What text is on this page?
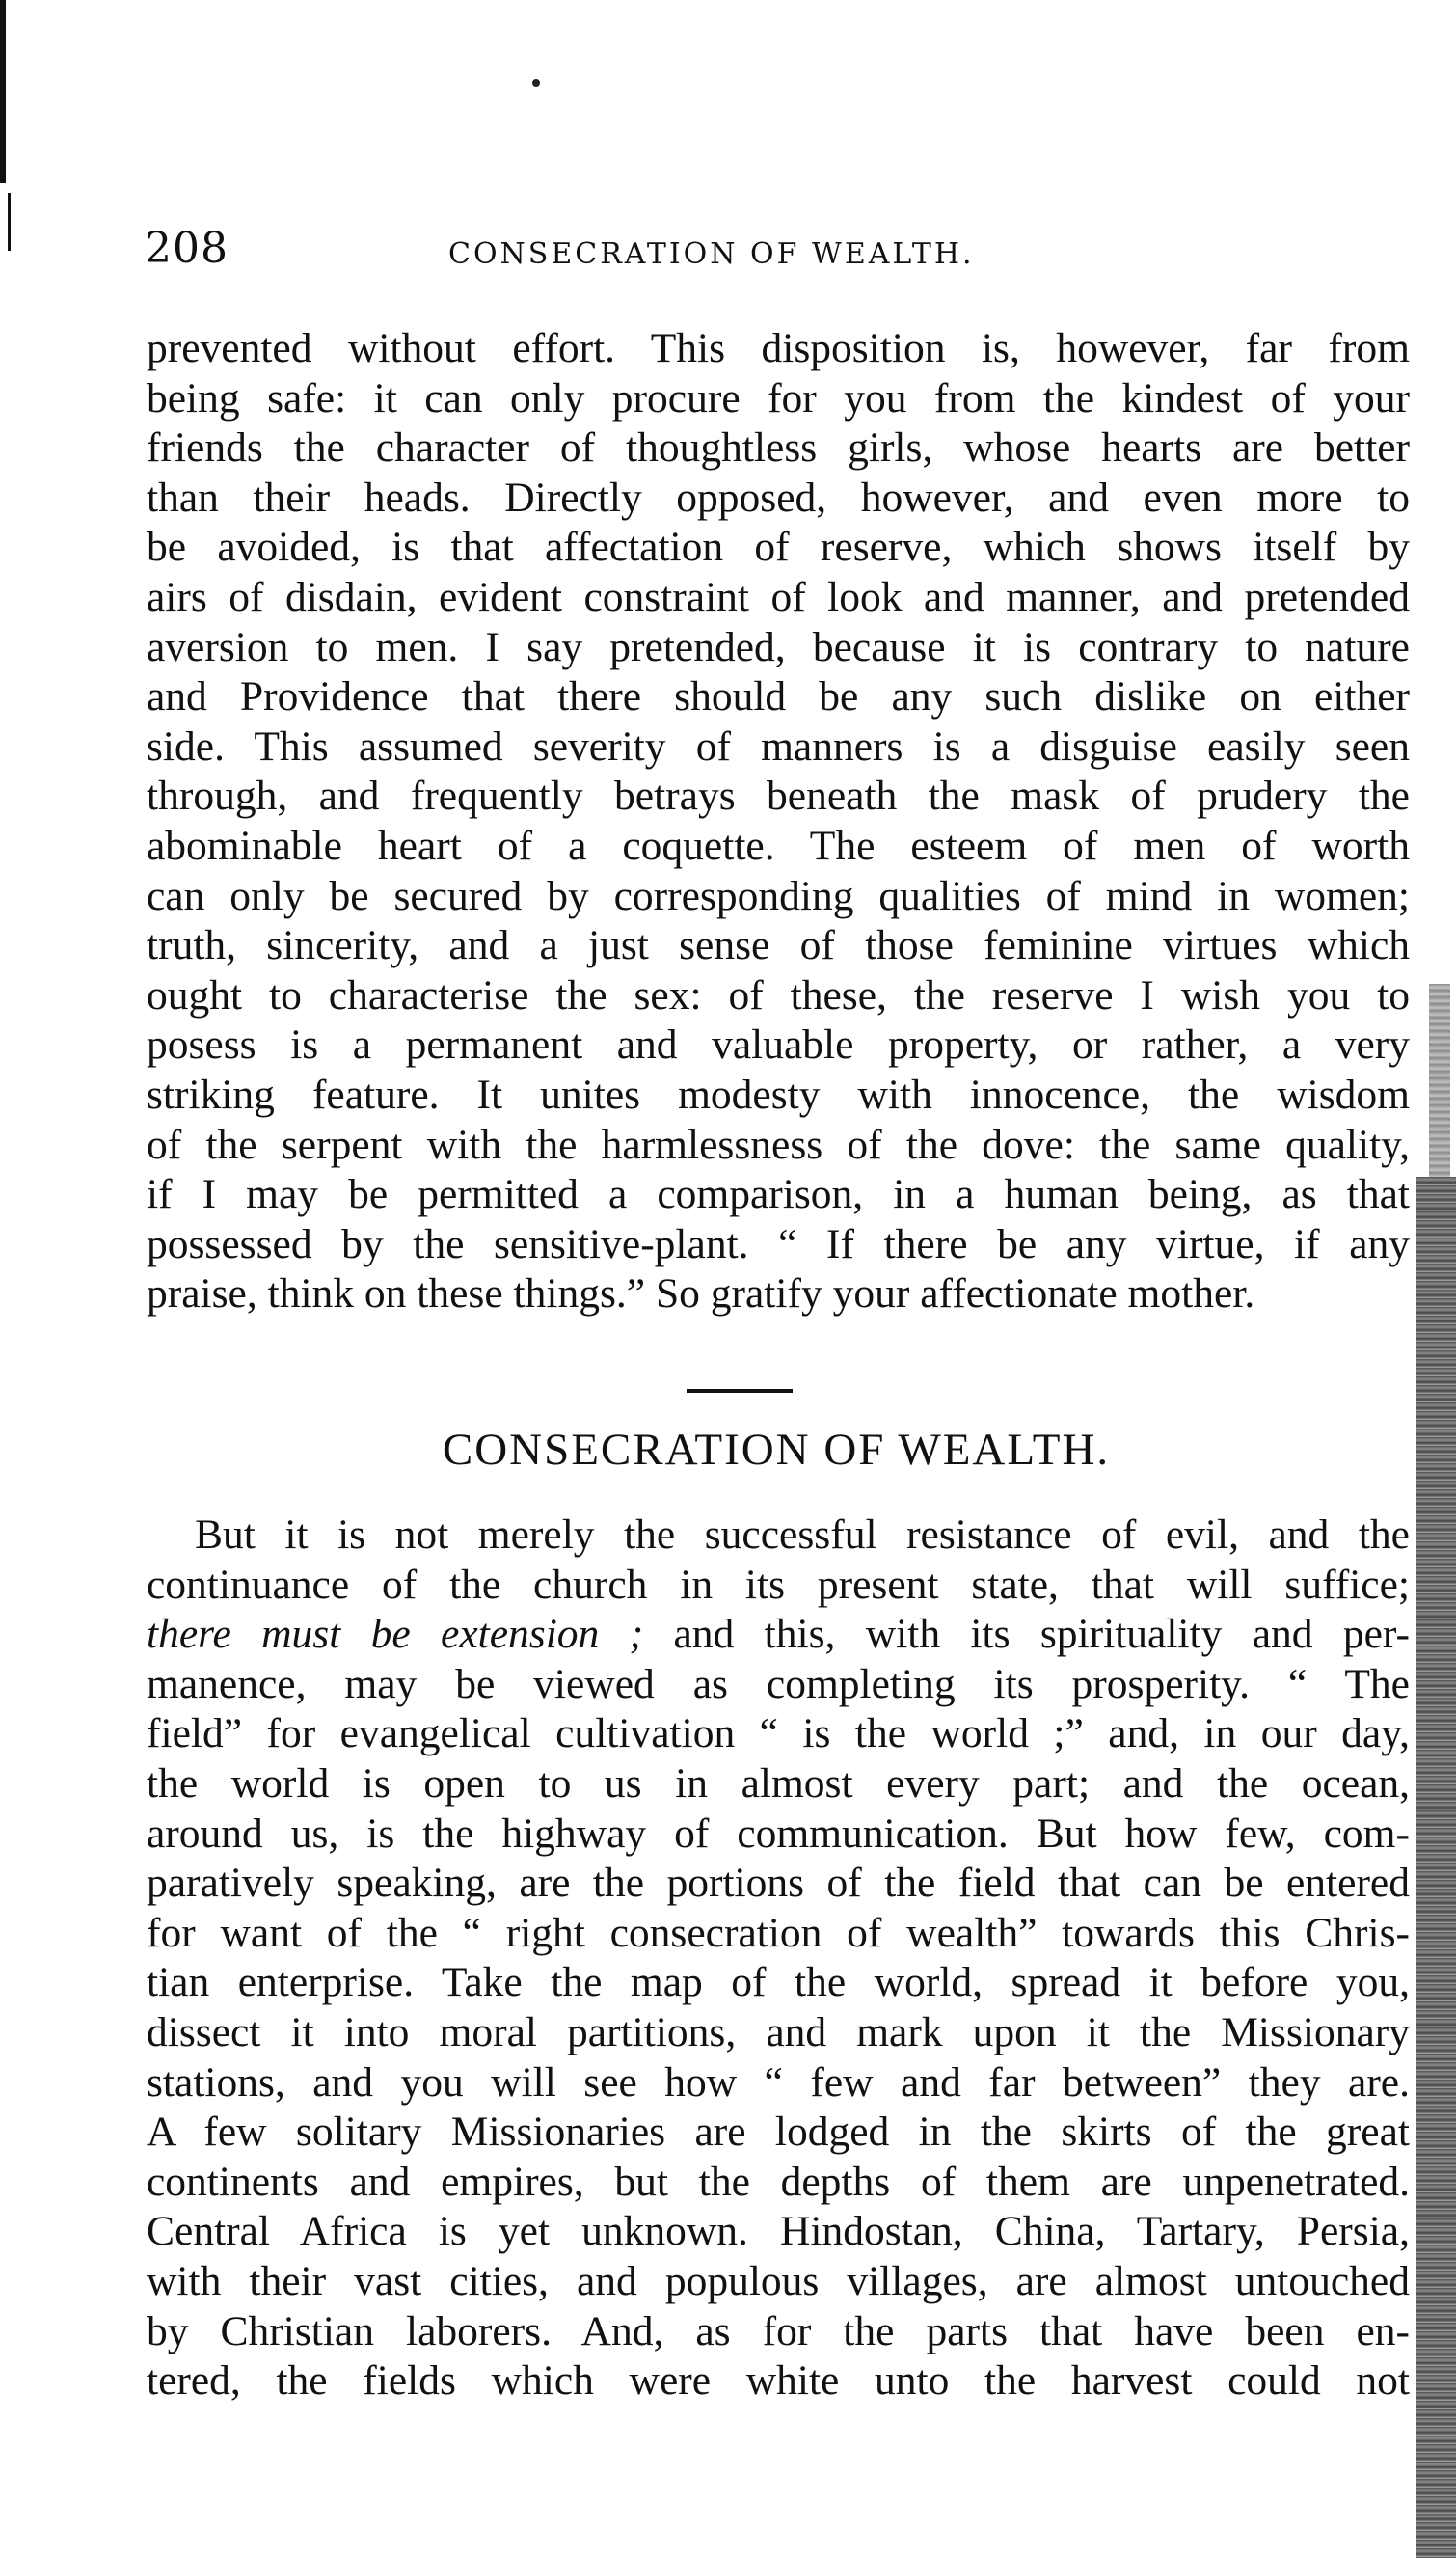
208	CONSECRATION OF WEALTH.
prevented without effort. This disposition is, however, far from
being safe: it can only procure for you from the kindest of your
friends the character of thoughtless girls, whose hearts are better
than their heads. Directly opposed, however, and even more to
be avoided, is that affectation of reserve, which shows itself by
airs of disdain, evident constraint of look and manner, and pretended
aversion to men. I say pretended, because it is contrary to nature
and Providence that there should be any such dislike on either
side. This assumed severity of manners is a disguise easily seen
through, and frequently betrays beneath the mask of prudery the
abominable heart of a coquette. The esteem of men of worth
can only be secured by corresponding qualities of mind in women;
truth, sincerity, and a just sense of those feminine virtues which
ought to characterise the sex: of these, the reserve I wish you to
posess is a permanent and valuable property, or rather, a very
striking feature. It unites modesty with innocence, the wisdom
of the serpent with the harmlessness of the dove: the same quality,
if I may be permitted a comparison, in a human being, as that
possessed by the sensitive-plant. “ If there be any virtue, if any
praise, think on these things.” So gratify your affectionate mother.
CONSECRATION OF WEALTH.
But it is not merely the successful resistance of evil, and the
continuance of the church in its present state, that will suffice;
there must be extension ; and this, with its spirituality and per-
manence, may be viewed as completing its prosperity. “ The
field” for evangelical cultivation “ is the world ;” and, in our day,
the world is open to us in almost every part; and the ocean,
around us, is the highway of communication. But how few, com-
paratively speaking, are the portions of the field that can be entered
for want of the “ right consecration of wealth” towards this Chris-
tian enterprise. Take the map of the world, spread it before you,
dissect it into moral partitions, and mark upon it the Missionary
stations, and you will see how “ few and far between” they are.
A few solitary Missionaries are lodged in the skirts of the great
continents and empires, but the depths of them are unpenetrated.
Central Africa is yet unknown. Hindostan, China, Tartary, Persia,
with their vast cities, and populous villages, are almost untouched
by Christian laborers. And, as for the parts that have been en-
tered, the fields which were white unto the harvest could not
